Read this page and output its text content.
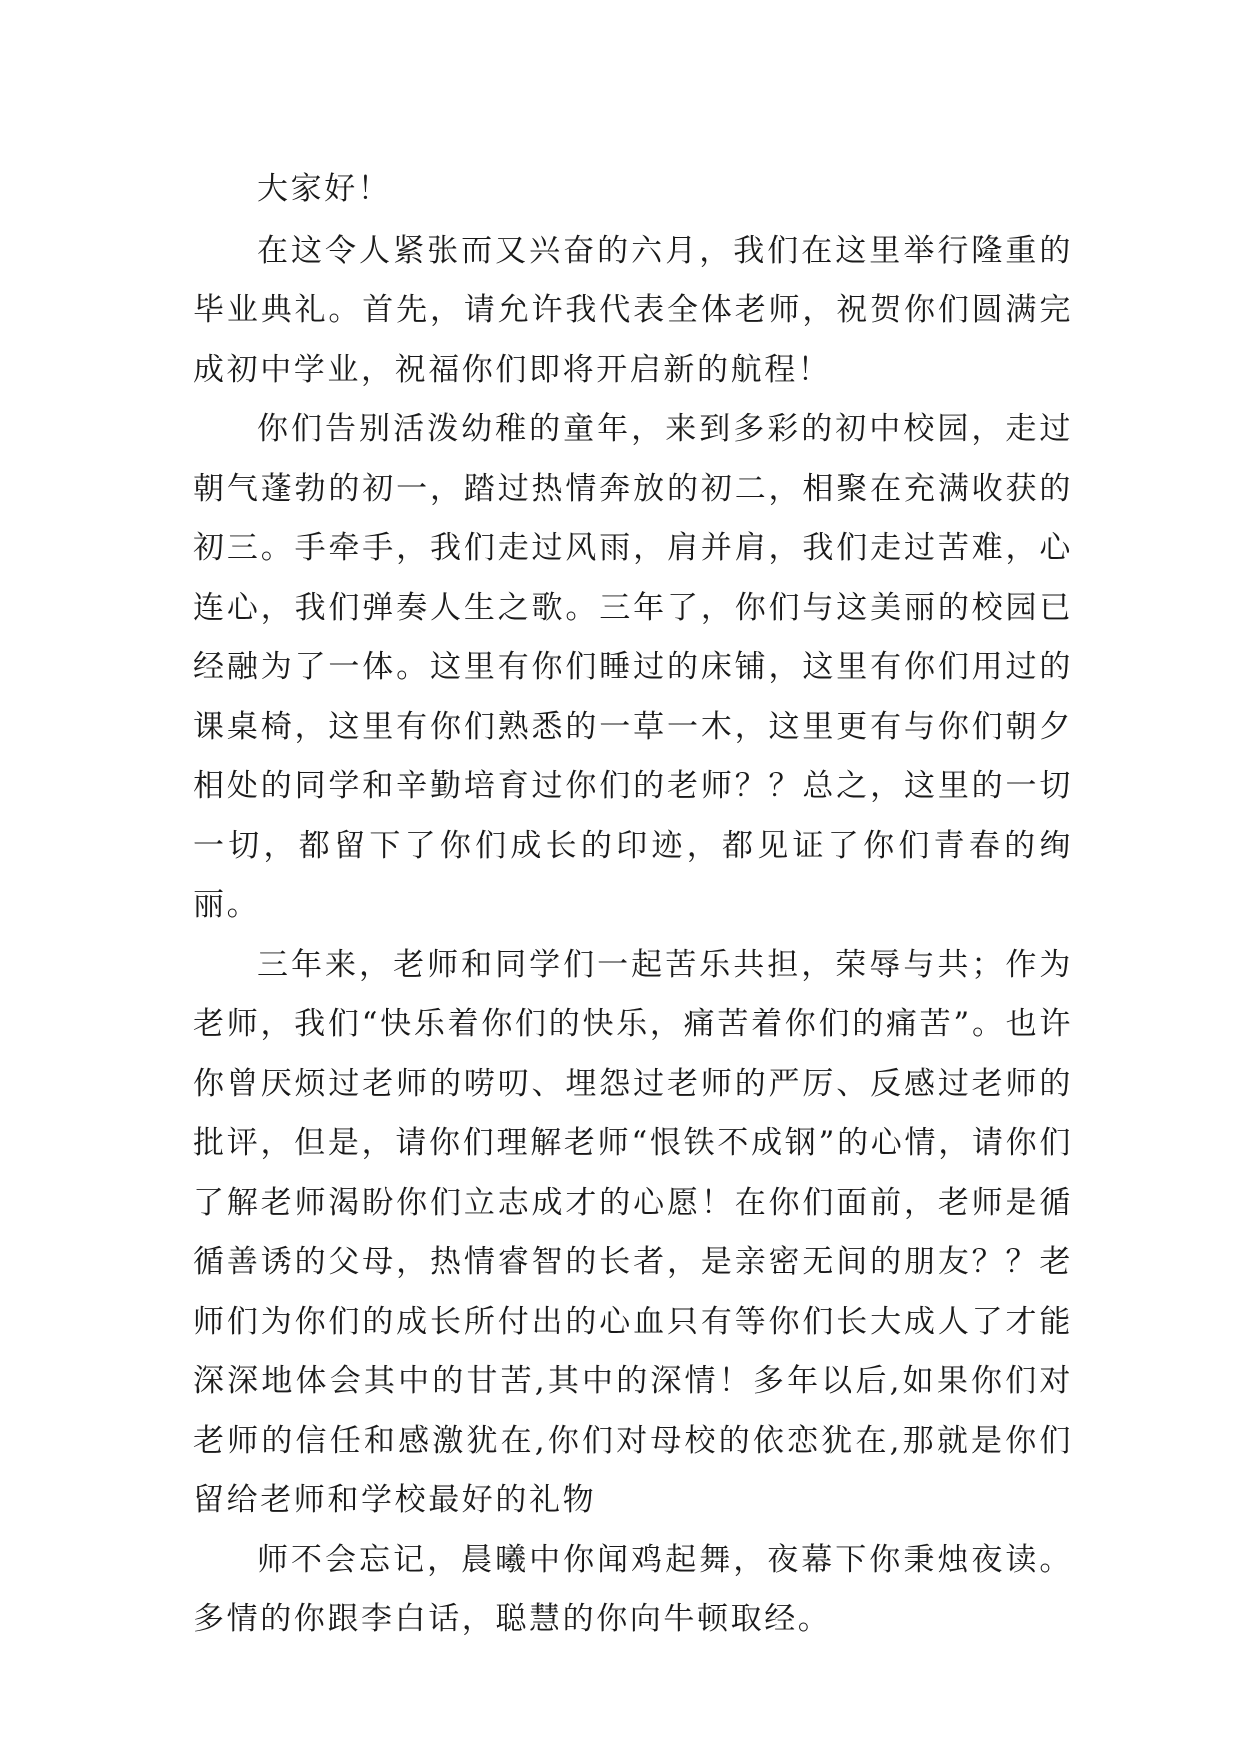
大家好！

在这令人紧张而又兴奋的六月，我们在这里举行隆重的毕业典礼。首先，请允许我代表全体老师，祝贺你们圆满完成初中学业，祝福你们即将开启新的航程！

你们告别活泼幼稚的童年，来到多彩的初中校园，走过朝气蓬勃的初一，踏过热情奔放的初二，相聚在充满收获的初三。手牵手，我们走过风雨，肩并肩，我们走过苦难，心连心，我们弹奏人生之歌。三年了，你们与这美丽的校园已经融为了一体。这里有你们睡过的床铺，这里有你们用过的课桌椅，这里有你们熟悉的一草一木，这里更有与你们朝夕相处的同学和辛勤培育过你们的老师？？总之，这里的一切一切，都留下了你们成长的印迹，都见证了你们青春的绚丽。

三年来，老师和同学们一起苦乐共担，荣辱与共；作为老师，我们“快乐着你们的快乐，痛苦着你们的痛苦”。也许你曾厌烦过老师的唠叨、埋怨过老师的严厉、反感过老师的批评，但是，请你们理解老师“恨铁不成钢”的心情，请你们了解老师渴盼你们立志成才的心愿！在你们面前，老师是循循善诱的父母，热情睿智的长者，是亲密无间的朋友？？老师们为你们的成长所付出的心血只有等你们长大成人了才能深深地体会其中的甘苦,其中的深情！多年以后,如果你们对老师的信任和感激犹在,你们对母校的依恋犹在,那就是你们留给老师和学校最好的礼物

师不会忘记，晨曦中你闻鸡起舞，夜幕下你秉烛夜读。多情的你跟李白话，聪慧的你向牛顿取经。
